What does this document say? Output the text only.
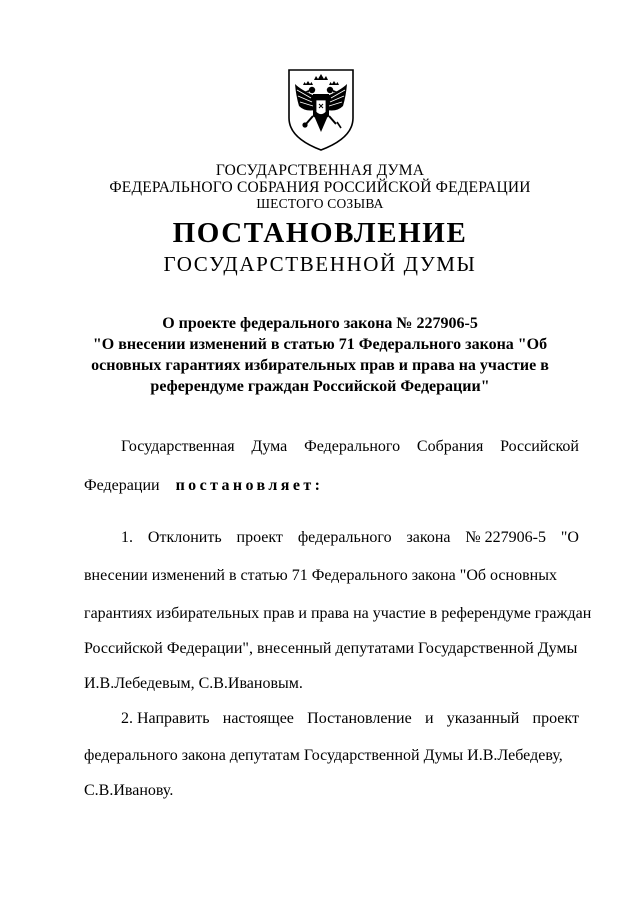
ГОСУДАРСТВЕННАЯ ДУМА
ФЕДЕРАЛЬНОГО СОБРАНИЯ РОССИЙСКОЙ ФЕДЕРАЦИИ
ШЕСТОГО СОЗЫВА
ПОСТАНОВЛЕНИЕ
ГОСУДАРСТВЕННОЙ ДУМЫ
О проекте федерального закона № 227906-5
"О внесении изменений в статью 71 Федерального закона "Об
основных гарантиях избирательных прав и права на участие в
референдуме граждан Российской Федерации"
Государственная Дума Федерального Собрания Российской
Федерации постановляет:
1. Отклонить проект федерального закона № 227906-5 "О
внесении изменений в статью 71 Федерального закона "Об основных
гарантиях избирательных прав и права на участие в референдуме граждан
Российской Федерации", внесенный депутатами Государственной Думы
И.В.Лебедевым, С.В.Ивановым.
2. Направить настоящее Постановление и указанный проект
федерального закона депутатам Государственной Думы И.В.Лебедеву,
С.В.Иванову.
